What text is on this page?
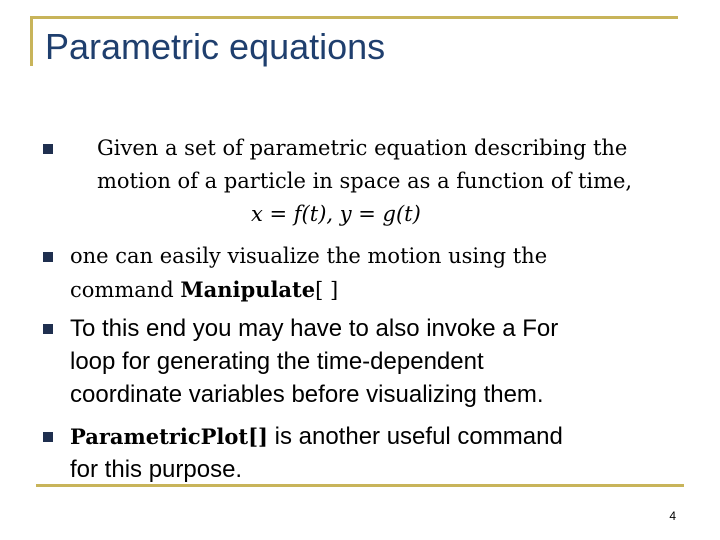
Parametric equations
Given a set of parametric equation describing the
motion of a particle in space as a function of time,
x = f(t), y = g(t)
one can easily visualize the motion using the
command Manipulate[ ]
To this end you may have to also invoke a For
loop for generating the time-dependent
coordinate variables before visualizing them.
ParametricPlot[] is another useful command
for this purpose.
4
